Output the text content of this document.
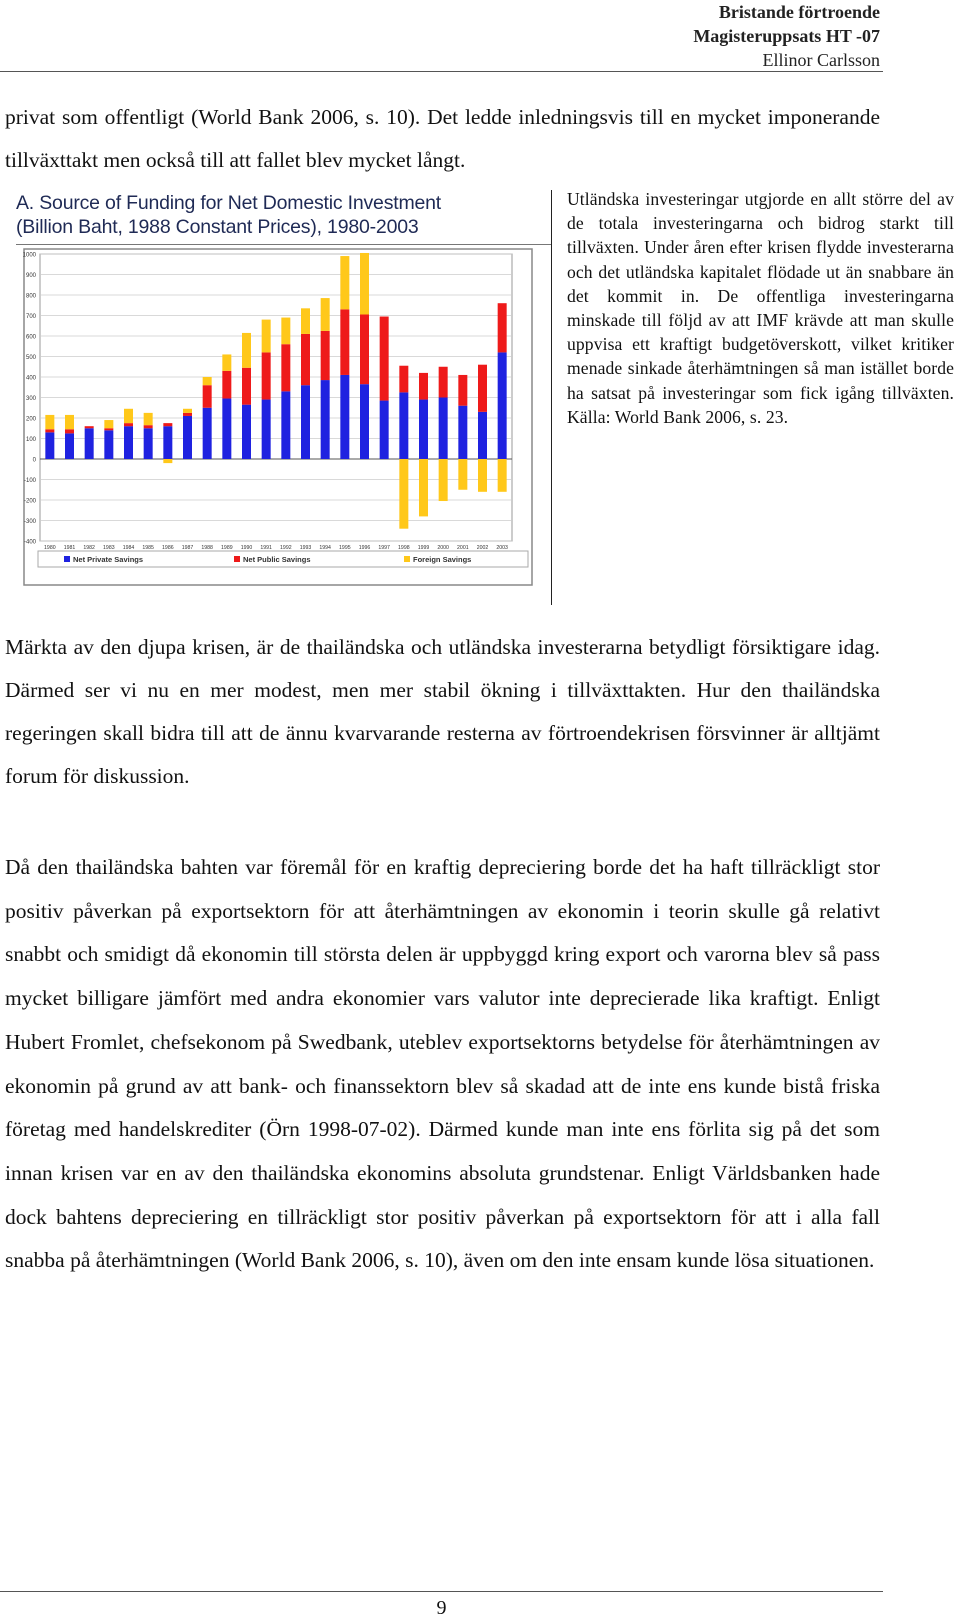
Bristande förtroende
Magisteruppsats HT -07
Ellinor Carlsson

privat som offentligt (World Bank 2006, s. 10). Det ledde inledningsvis till en mycket imponerande tillväxttakt men också till att fallet blev mycket långt.

A. Source of Funding for Net Domestic Investment
(Billion Baht, 1988 Constant Prices), 1980-2003
1000
900
800
700
600
500
400
300
200
100
0
-100
-200
-300
-400
1980 1981 1982 1983 1984 1985 1986 1987 1988 1989 1990 1991 1992 1993 1994 1995 1996 1997 1998 1999 2000 2001 2002 2003
Net Private Savings	Net Public Savings	Foreign Savings

Utländska investeringar utgjorde en allt större del av de totala investeringarna och bidrog starkt till tillväxten. Under åren efter krisen flydde investerarna och det utländska kapitalet flödade ut än snabbare än det kommit in. De offentliga investeringarna minskade till följd av att IMF krävde att man skulle uppvisa ett kraftigt budgetöverskott, vilket kritiker menade sinkade återhämtningen så man istället borde ha satsat på investeringar som fick igång tillväxten. Källa: World Bank 2006, s. 23.

Märkta av den djupa krisen, är de thailändska och utländska investerarna betydligt försiktigare idag. Därmed ser vi nu en mer modest, men mer stabil ökning i tillväxttakten. Hur den thailändska regeringen skall bidra till att de ännu kvarvarande resterna av förtroendekrisen försvinner är alltjämt forum för diskussion.

Då den thailändska bahten var föremål för en kraftig depreciering borde det ha haft tillräckligt stor positiv påverkan på exportsektorn för att återhämtningen av ekonomin i teorin skulle gå relativt snabbt och smidigt då ekonomin till största delen är uppbyggd kring export och varorna blev så pass mycket billigare jämfört med andra ekonomier vars valutor inte deprecierade lika kraftigt. Enligt Hubert Fromlet, chefsekonom på Swedbank, uteblev exportsektorns betydelse för återhämtningen av ekonomin på grund av att bank- och finanssektorn blev så skadad att de inte ens kunde bistå friska företag med handelskrediter (Örn 1998-07-02). Därmed kunde man inte ens förlita sig på det som innan krisen var en av den thailändska ekonomins absoluta grundstenar. Enligt Världsbanken hade dock bahtens depreciering en tillräckligt stor positiv påverkan på exportsektorn för att i alla fall snabba på återhämtningen (World Bank 2006, s. 10), även om den inte ensam kunde lösa situationen.

9
